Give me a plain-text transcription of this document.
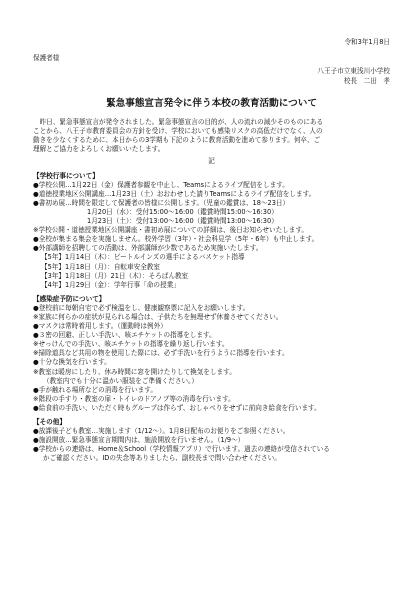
令和3年1月8日
保護者様
八王子市立東浅川小学校
校長　二田　孝
緊急事態宣言発令に伴う本校の教育活動について

昨日、緊急事態宣言が発令されました。緊急事態宣言の目的が、人の流れの減少そのものにある

ことから、八王子市教育委員会の方針を受け、学校においても感染リスクの高低だけでなく、人の
動きを少なくするために、本日からの3学期も下記のように教育活動を進めて参ります。何卒、ご
理解とご協力をよろしくお願いいたします。
記
【学校行事について】
●学校公開…1月22日（金）保護者参観を中止し、Teamsによるライブ配信をします。
●道徳授業地区公開講座…1月23日（土）おおわせした請りTeamsによるライブ配信をします。
●書初め展…時間を限定して保護者の皆様に公開します。（児童の鑑賞は、18～23日）
1月20日（水）：受付15:00～16:00（鑑賞時間15:00～16:30）
1月23日（土）：受付13:00～16:00（鑑賞時間13:00～16:30）
※学校公開・道徳授業地区公開講座・書初め展についての詳細は、後日お知らせいたします。
●全校が集まる集会を実施しません。校外学習（3年）・社会科見学（5年・6年）も中止します。
●外部講師を招聘しての活動は、外部講師が少数であるため実施いたします。
【5年】1月14日（木）：ビートルインズの選手によるバスケット指導
【5年】1月18日（月）：自転車安全教室
【3年】1月18日（月）21日（木）：そろばん教室
【4年】1月29日（金）：学年行事「命の授業」
【感染症予防について】
●登校前に毎朝自宅で必ず検温をし、健康観察票に記入をお願いします。
※家族に何らかの症状が見られる場合は、子供たちを無理せず休養させてください。
●マスクは常時着用します。（運動時は例外）
●３密の回避、正しい手洗い、咳エチケットの指導をします。
※せっけんでの手洗い、咳エチケットの指導を繰り返し行います。
※掃除道具など共用の物を使用した際には、必ず手洗いを行うように指導を行います。
●十分な換気を行います。
※教室は暖房にしたり、休み時間に窓を開けたりして換気をします。
（教室内でも十分に温かい服装をご準備ください。）
●手が触れる場所などの消毒を行います。
※階段の手すり・教室の扉・トイレのドアノブ等の消毒を行います。
●給食前の手洗い、いただく時もグループは作らず、おしゃべりをせずに前向き給食を行います。
【その他】
●放課後子ども教室…実施します（1/12～）。1月8日配布のお便りをご参照ください。
●施設開放…緊急事態宣言期間内は、施設開放を行いません。（1/9～）
●学校からの連絡は、Home＆School（学校情報アプリ）で行います。過去の連絡が受信されている
かご確認ください。IDの失念等ありましたら、副校長まで問い合わせください。
